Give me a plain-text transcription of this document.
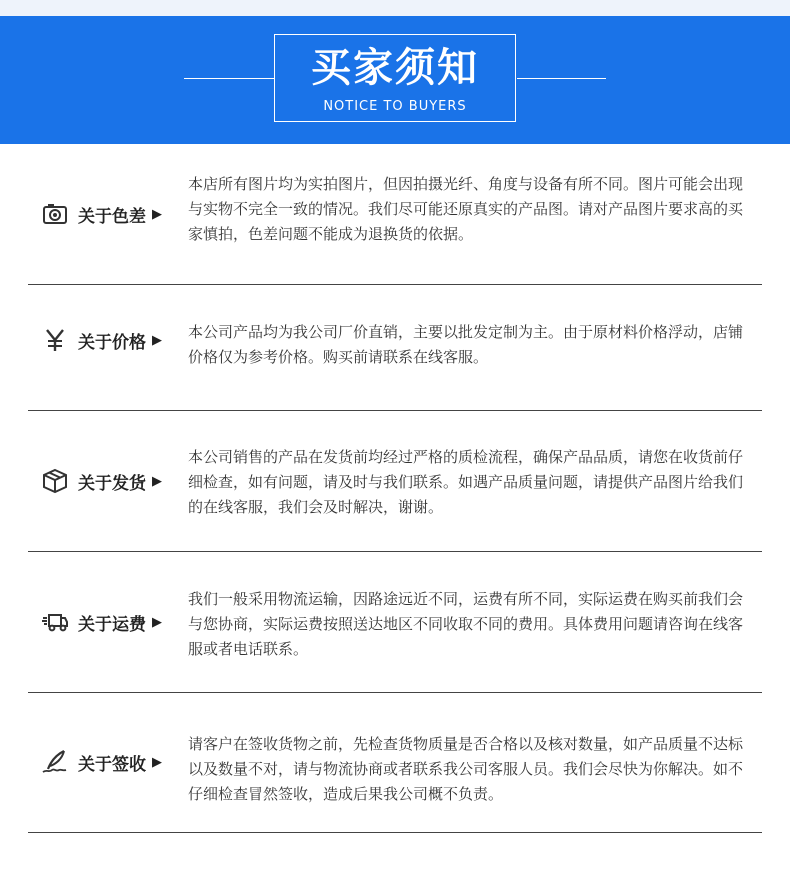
买家须知
NOTICE TO BUYERS
关于色差 ▶
本店所有图片均为实拍图片，但因拍摄光纤、角度与设备有所不同。图片可能会出现与实物不完全一致的情况。我们尽可能还原真实的产品图。请对产品图片要求高的买家慎拍，色差问题不能成为退换货的依据。
关于价格 ▶ 本公司产品均为我公司厂价直销，主要以批发定制为主。由于原材料价格浮动，店铺价格仅为参考价格。购买前请联系在线客服。
关于发货 ▶
本公司销售的产品在发货前均经过严格的质检流程，确保产品品质，请您在收货前仔细检查，如有问题，请及时与我们联系。如遇产品质量问题，请提供产品图片给我们的在线客服，我们会及时解决，谢谢。
关于运费 ▶
我们一般采用物流运输，因路途远近不同，运费有所不同，实际运费在购买前我们会与您协商，实际运费按照送达地区不同收取不同的费用。具体费用问题请咨询在线客服或者电话联系。
关于签收 ▶
请客户在签收货物之前，先检查货物质量是否合格以及核对数量，如产品质量不达标以及数量不对，请与物流协商或者联系我公司客服人员。我们会尽快为你解决。如不仔细检查冒然签收，造成后果我公司概不负责。
